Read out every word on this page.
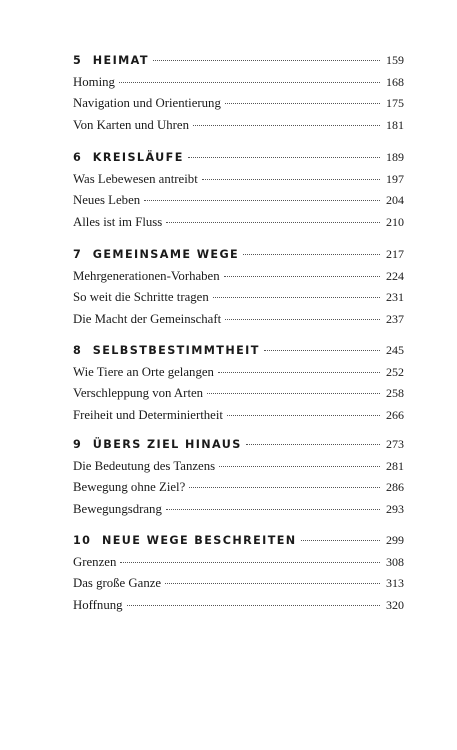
5 HEIMAT	159
Homing	168
Navigation und Orientierung	175
Von Karten und Uhren	181
6 KREISLÄUFE	189
Was Lebewesen antreibt	197
Neues Leben	204
Alles ist im Fluss	210
7 GEMEINSAME WEGE	217
Mehrgenerationen-Vorhaben	224
So weit die Schritte tragen	231
Die Macht der Gemeinschaft	237
8 SELBSTBESTIMMTHEIT	245
Wie Tiere an Orte gelangen	252
Verschleppung von Arten	258
Freiheit und Determiniertheit	266
9 ÜBERS ZIEL HINAUS	273
Die Bedeutung des Tanzens	281
Bewegung ohne Ziel?	286
Bewegungsdrang	293
10 NEUE WEGE BESCHREITEN	299
Grenzen	308
Das große Ganze	313
Hoffnung	320
